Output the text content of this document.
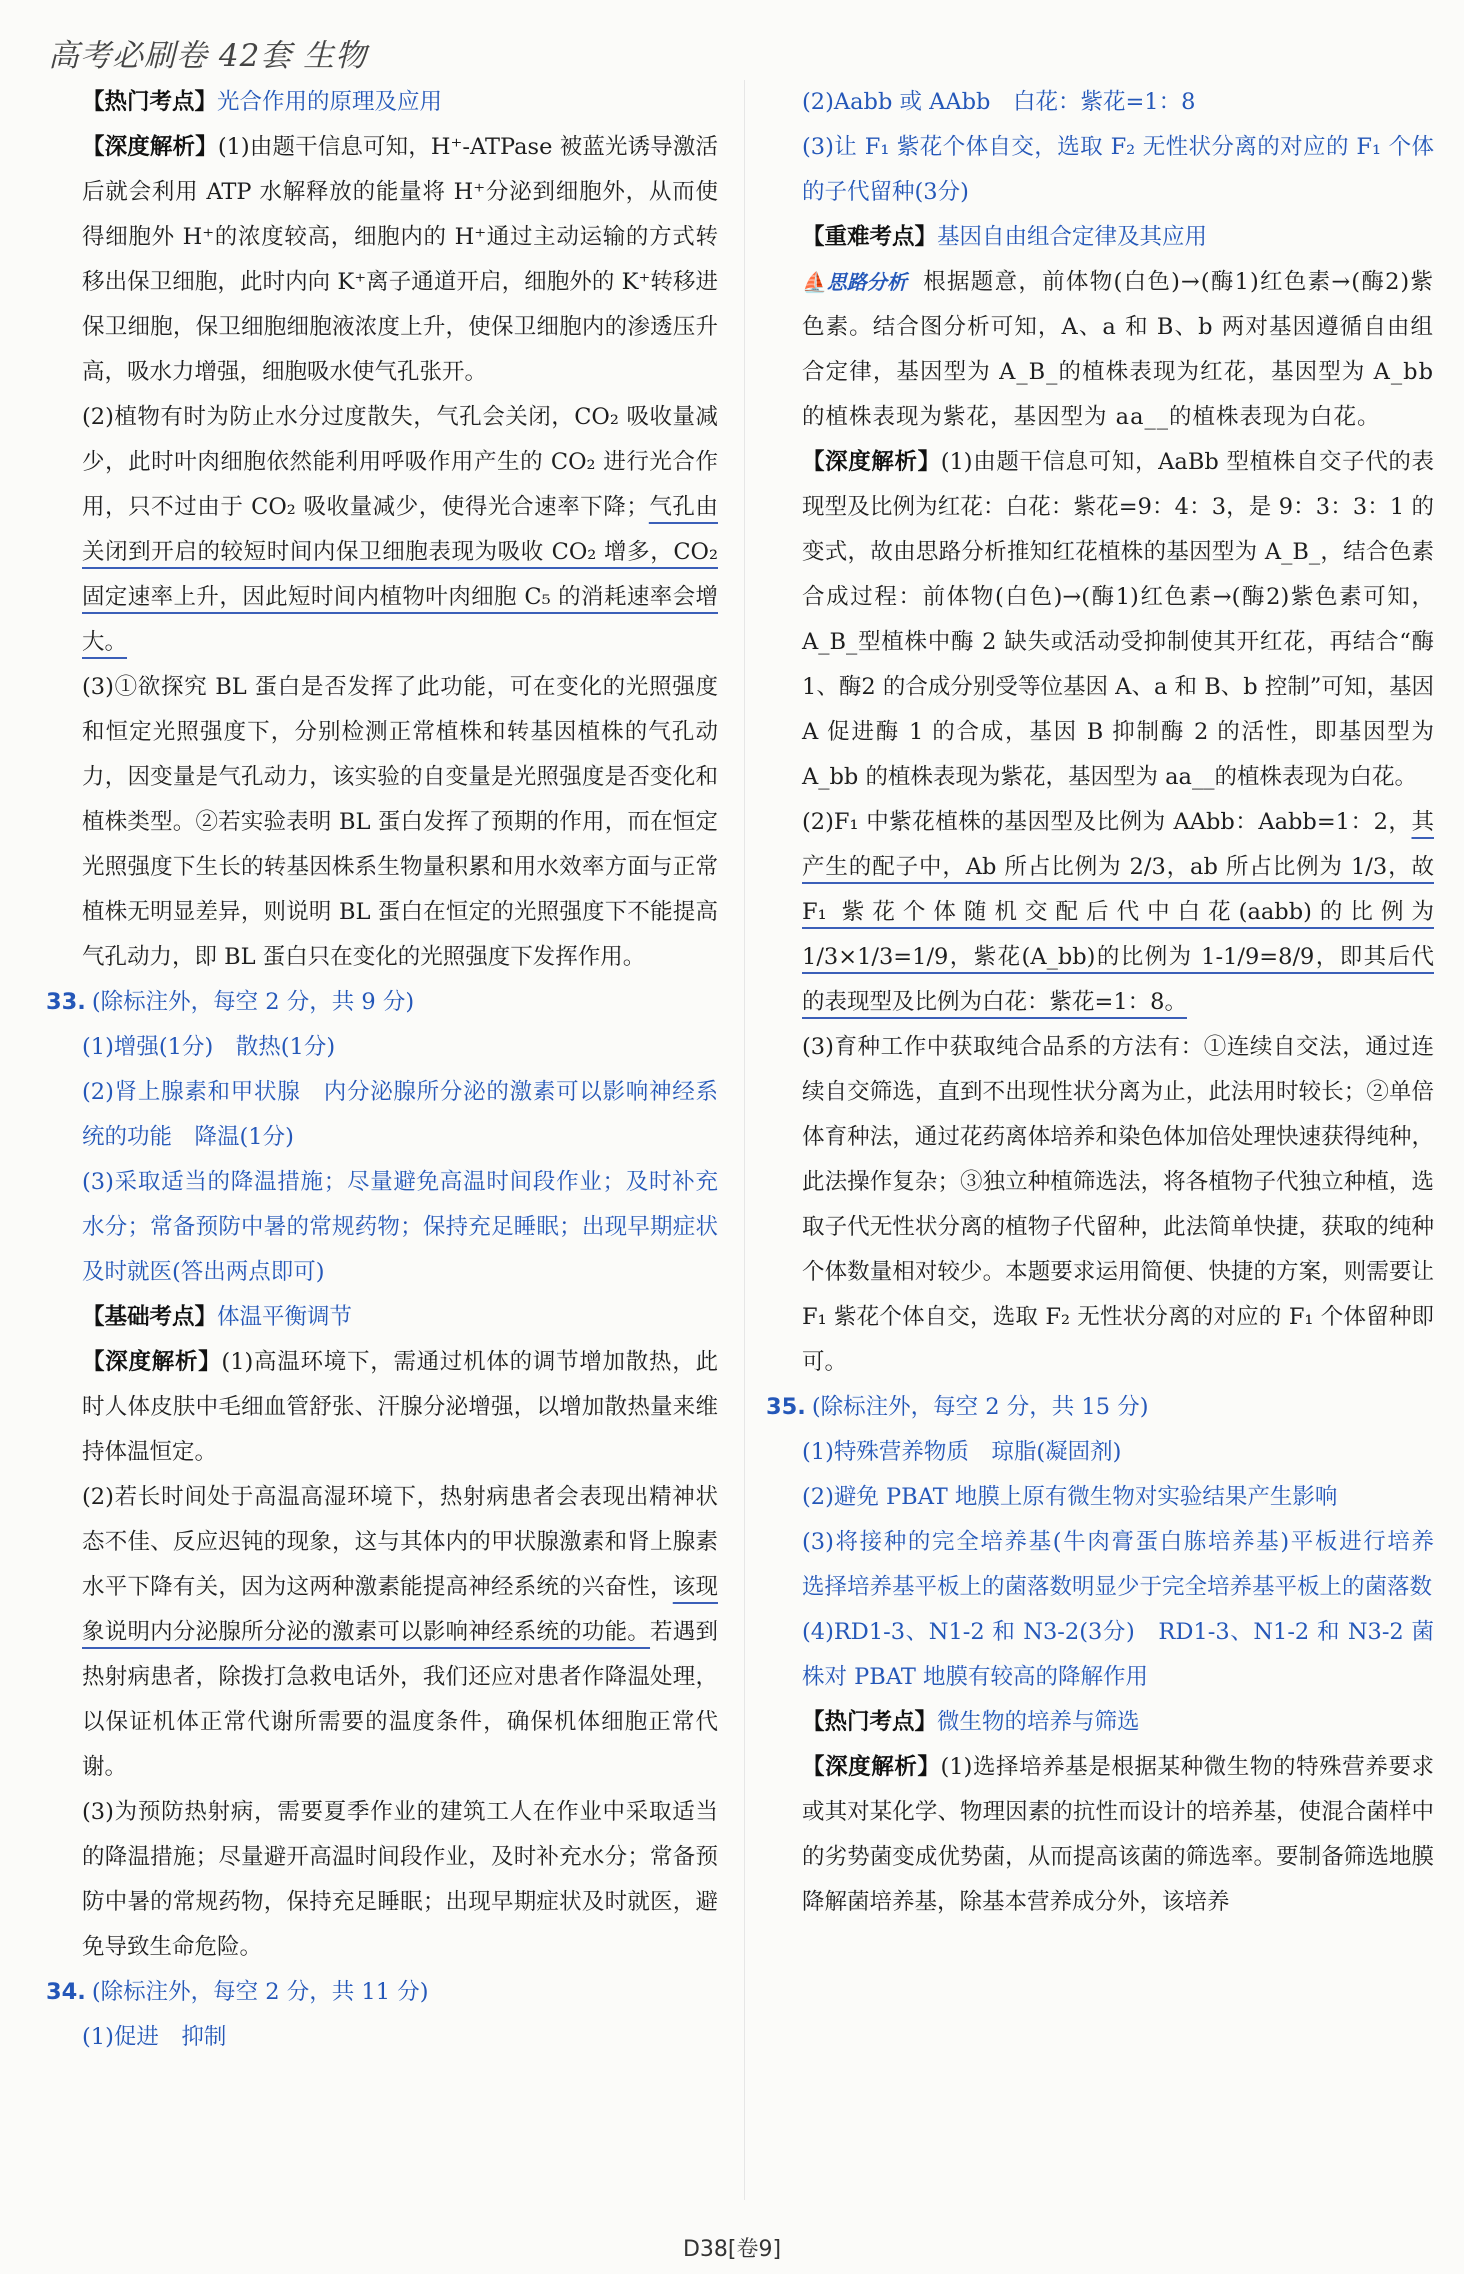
高考必刷卷 42套 生物

【热门考点】光合作用的原理及应用

【深度解析】(1)由题干信息可知，H⁺-ATPase 被蓝光诱导激活后就会利用 ATP 水解释放的能量将 H⁺分泌到细胞外，从而使得细胞外 H⁺的浓度较高，细胞内的 H⁺通过主动运输的方式转移出保卫细胞，此时内向 K⁺离子通道开启，细胞外的 K⁺转移进保卫细胞，保卫细胞细胞液浓度上升，使保卫细胞内的渗透压升高，吸水力增强，细胞吸水使气孔张开。

(2)植物有时为防止水分过度散失，气孔会关闭，CO₂ 吸收量减少，此时叶肉细胞依然能利用呼吸作用产生的 CO₂ 进行光合作用，只不过由于 CO₂ 吸收量减少，使得光合速率下降；气孔由关闭到开启的较短时间内保卫细胞表现为吸收 CO₂ 增多，CO₂ 固定速率上升，因此短时间内植物叶肉细胞 C₅ 的消耗速率会增大。

(3)①欲探究 BL 蛋白是否发挥了此功能，可在变化的光照强度和恒定光照强度下，分别检测正常植株和转基因植株的气孔动力，因变量是气孔动力，该实验的自变量是光照强度是否变化和植株类型。②若实验表明 BL 蛋白发挥了预期的作用，而在恒定光照强度下生长的转基因株系生物量积累和用水效率方面与正常植株无明显差异，则说明 BL 蛋白在恒定的光照强度下不能提高气孔动力，即 BL 蛋白只在变化的光照强度下发挥作用。

33. (除标注外，每空 2 分，共 9 分)

(1)增强(1分)　散热(1分)

(2)肾上腺素和甲状腺　内分泌腺所分泌的激素可以影响神经系统的功能　降温(1分)

(3)采取适当的降温措施；尽量避免高温时间段作业；及时补充水分；常备预防中暑的常规药物；保持充足睡眠；出现早期症状及时就医(答出两点即可)

【基础考点】体温平衡调节

【深度解析】(1)高温环境下，需通过机体的调节增加散热，此时人体皮肤中毛细血管舒张、汗腺分泌增强，以增加散热量来维持体温恒定。

(2)若长时间处于高温高湿环境下，热射病患者会表现出精神状态不佳、反应迟钝的现象，这与其体内的甲状腺激素和肾上腺素水平下降有关，因为这两种激素能提高神经系统的兴奋性，该现象说明内分泌腺所分泌的激素可以影响神经系统的功能。若遇到热射病患者，除拨打急救电话外，我们还应对患者作降温处理，以保证机体正常代谢所需要的温度条件，确保机体细胞正常代谢。

(3)为预防热射病，需要夏季作业的建筑工人在作业中采取适当的降温措施；尽量避开高温时间段作业，及时补充水分；常备预防中暑的常规药物，保持充足睡眠；出现早期症状及时就医，避免导致生命危险。

34. (除标注外，每空 2 分，共 11 分)

(1)促进　抑制

(2)Aabb 或 AAbb　白花：紫花=1：8

(3)让 F₁ 紫花个体自交，选取 F₂ 无性状分离的对应的 F₁ 个体的子代留种(3分)

【重难考点】基因自由组合定律及其应用

⛵思路分析 根据题意，前体物(白色)→(酶1)红色素→(酶2)紫色素。结合图分析可知，A、a 和 B、b 两对基因遵循自由组合定律，基因型为 A_B_的植株表现为红花，基因型为 A_bb 的植株表现为紫花，基因型为 aa__的植株表现为白花。

【深度解析】(1)由题干信息可知，AaBb 型植株自交子代的表现型及比例为红花：白花：紫花=9：4：3，是 9：3：3：1 的变式，故由思路分析推知红花植株的基因型为 A_B_，结合色素合成过程：前体物(白色)→(酶1)红色素→(酶2)紫色素可知，A_B_型植株中酶 2 缺失或活动受抑制使其开红花，再结合“酶1、酶2 的合成分别受等位基因 A、a 和 B、b 控制”可知，基因 A 促进酶 1 的合成，基因 B 抑制酶 2 的活性，即基因型为 A_bb 的植株表现为紫花，基因型为 aa__的植株表现为白花。

(2)F₁ 中紫花植株的基因型及比例为 AAbb：Aabb=1：2，其产生的配子中，Ab 所占比例为 2/3，ab 所占比例为 1/3，故 F₁ 紫花个体随机交配后代中白花(aabb)的比例为 1/3×1/3=1/9，紫花(A_bb)的比例为 1-1/9=8/9，即其后代的表现型及比例为白花：紫花=1：8。

(3)育种工作中获取纯合品系的方法有：①连续自交法，通过连续自交筛选，直到不出现性状分离为止，此法用时较长；②单倍体育种法，通过花药离体培养和染色体加倍处理快速获得纯种，此法操作复杂；③独立种植筛选法，将各植物子代独立种植，选取子代无性状分离的植物子代留种，此法简单快捷，获取的纯种个体数量相对较少。本题要求运用简便、快捷的方案，则需要让 F₁ 紫花个体自交，选取 F₂ 无性状分离的对应的 F₁ 个体留种即可。

35. (除标注外，每空 2 分，共 15 分)

(1)特殊营养物质　琼脂(凝固剂)

(2)避免 PBAT 地膜上原有微生物对实验结果产生影响

(3)将接种的完全培养基(牛肉膏蛋白胨培养基)平板进行培养　选择培养基平板上的菌落数明显少于完全培养基平板上的菌落数

(4)RD1-3、N1-2 和 N3-2(3分)　RD1-3、N1-2 和 N3-2 菌株对 PBAT 地膜有较高的降解作用

【热门考点】微生物的培养与筛选

【深度解析】(1)选择培养基是根据某种微生物的特殊营养要求或其对某化学、物理因素的抗性而设计的培养基，使混合菌样中的劣势菌变成优势菌，从而提高该菌的筛选率。要制备筛选地膜降解菌培养基，除基本营养成分外，该培养

D38[卷9]
